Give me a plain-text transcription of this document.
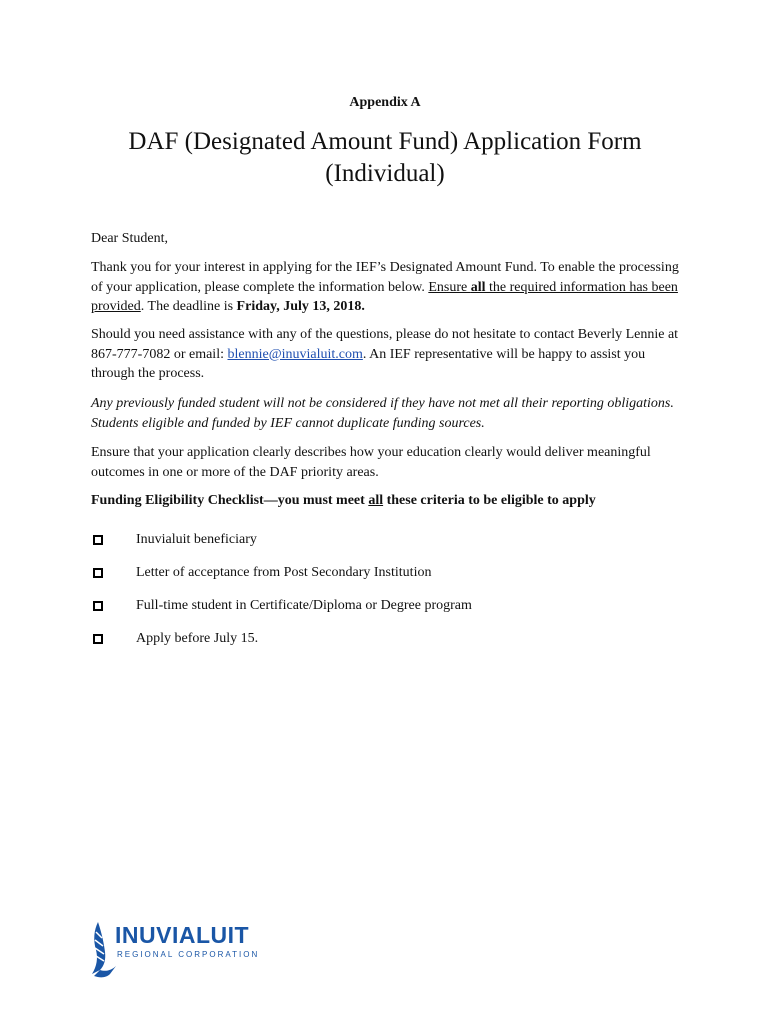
Appendix A
DAF (Designated Amount Fund) Application Form
(Individual)
Dear Student,
Thank you for your interest in applying for the IEF’s Designated Amount Fund. To enable the processing of your application, please complete the information below. Ensure all the required information has been provided. The deadline is Friday, July 13, 2018.
Should you need assistance with any of the questions, please do not hesitate to contact Beverly Lennie at 867-777-7082 or email: blennie@inuvialuit.com. An IEF representative will be happy to assist you through the process.
Any previously funded student will not be considered if they have not met all their reporting obligations. Students eligible and funded by IEF cannot duplicate funding sources.
Ensure that your application clearly describes how your education clearly would deliver meaningful outcomes in one or more of the DAF priority areas.
Funding Eligibility Checklist—you must meet all these criteria to be eligible to apply
Inuvialuit beneficiary
Letter of acceptance from Post Secondary Institution
Full-time student in Certificate/Diploma or Degree program
Apply before July 15.
INUVIALUIT
REGIONAL CORPORATION
